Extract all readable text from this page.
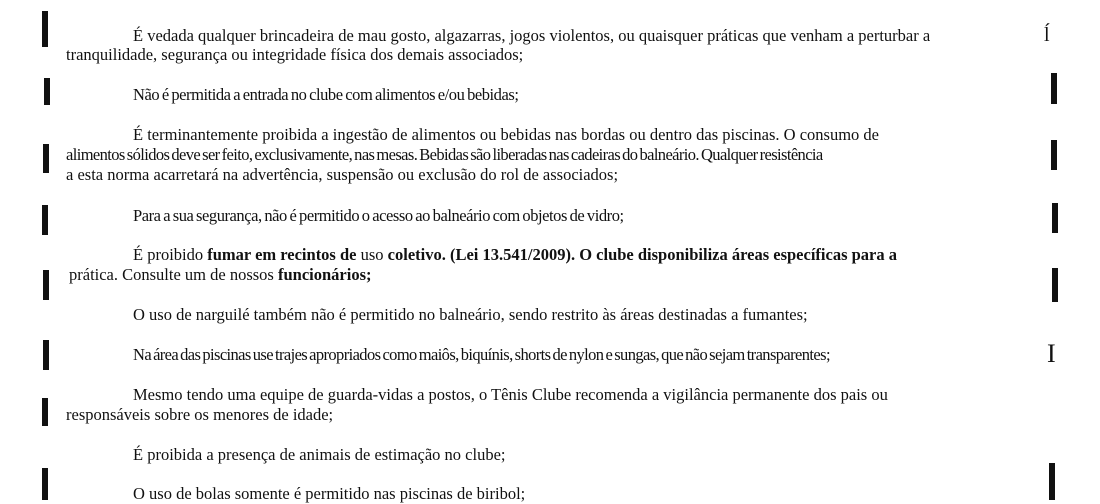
É vedada qualquer brincadeira de mau gosto, algazarras, jogos violentos, ou quaisquer práticas que venham a perturbar a
tranquilidade, segurança ou integridade física dos demais associados;
ĺ
Não é permitida a entrada no clube com alimentos e/ou bebidas;
É terminantemente proibida a ingestão de alimentos ou bebidas nas bordas ou dentro das piscinas. O consumo de
alimentos sólidos deve ser feito, exclusivamente, nas mesas. Bebidas são liberadas nas cadeiras do balneário. Qualquer resistência
a esta norma acarretará na advertência, suspensão ou exclusão do rol de associados;
Para a sua segurança, não é permitido o acesso ao balneário com objetos de vidro;
É proibido fumar em recintos de uso coletivo. (Lei 13.541/2009). O clube disponibiliza áreas específicas para a
prática. Consulte um de nossos funcionários;
O uso de narguilé também não é permitido no balneário, sendo restrito às áreas destinadas a fumantes;
Na área das piscinas use trajes apropriados como maiôs, biquínis, shorts de nylon e sungas, que não sejam transparentes;	I
Mesmo tendo uma equipe de guarda-vidas a postos, o Tênis Clube recomenda a vigilância permanente dos pais ou
responsáveis sobre os menores de idade;
É proibida a presença de animais de estimação no clube;
O uso de bolas somente é permitido nas piscinas de biribol;
